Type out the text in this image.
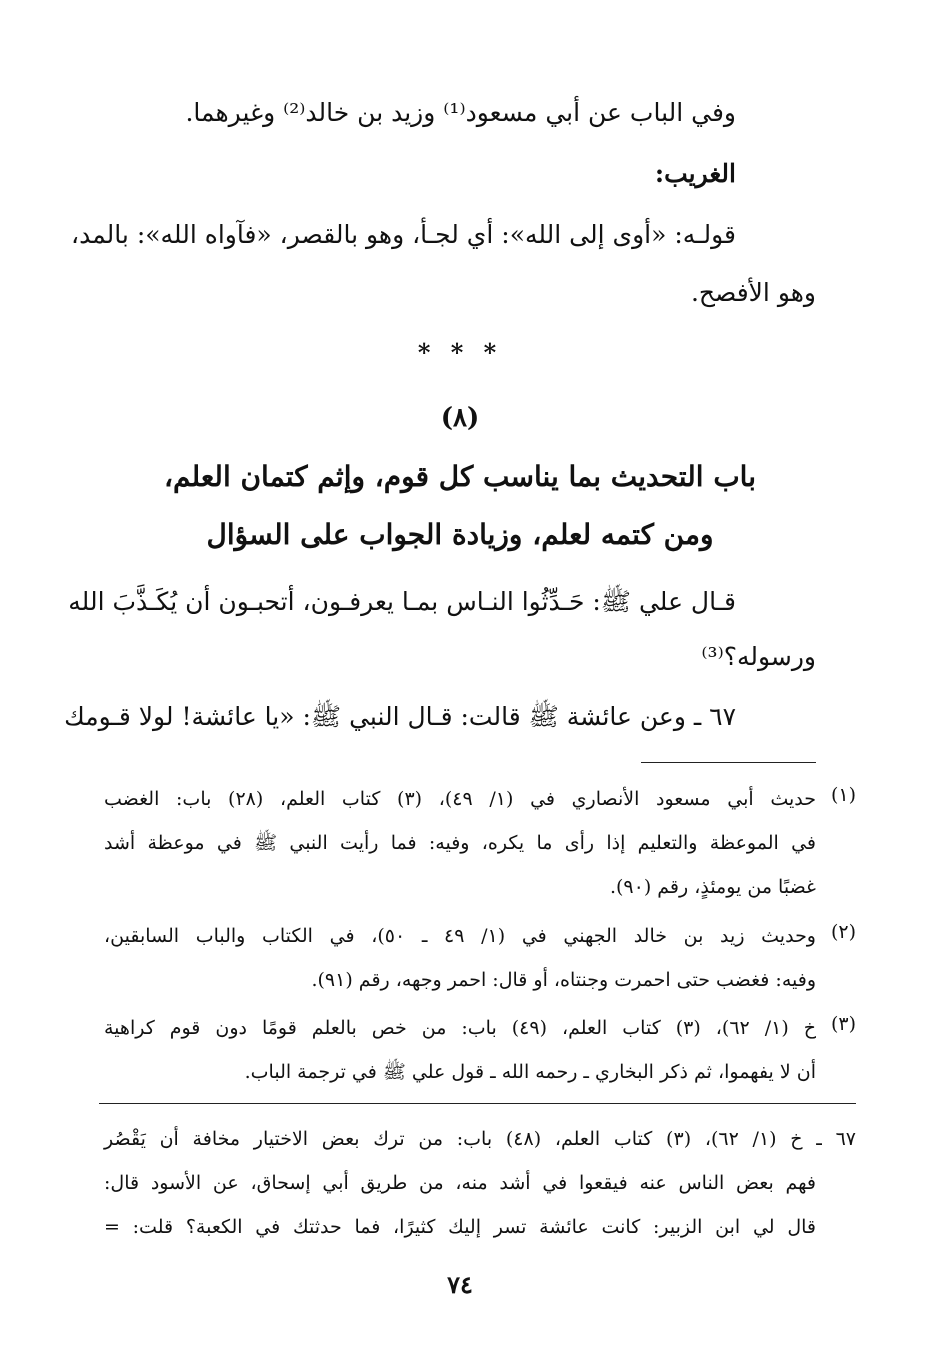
وفي الباب عن أبي مسعود⁽¹⁾ وزيد بن خالد⁽²⁾ وغيرهما.
الغريب:
قولـه: «أوى إلى الله»: أي لجـأ، وهو بالقصر، «فآواه الله»: بالمد،
وهو الأفصح.
* * *
(٨)
باب التحديث بما يناسب كل قوم، وإثم كتمان العلم،
ومن كتمه لعلم، وزيادة الجواب على السؤال
قـال علي ﷺ: حَـدِّثُوا النـاس بمـا يعرفـون، أتحبـون أن يُكَـذَّبَ الله
ورسوله؟⁽³⁾
٦٧ ـ وعن عائشة ﷺ قالت: قـال النبي ﷺ: «يا عائشة! لولا قـومك
(١)
حديث أبي مسعود الأنصاري في (١/ ٤٩)، (٣) كتاب العلم، (٢٨) باب: الغضب
في الموعظة والتعليم إذا رأى ما يكره، وفيه: فما رأيت النبي ﷺ في موعظة أشد
غضبًا من يومئذٍ، رقم (٩٠).
(٢)
وحديث زيد بن خالد الجهني في (١/ ٤٩ ـ ٥٠)، في الكتاب والباب السابقين،
وفيه: فغضب حتى احمرت وجنتاه، أو قال: احمر وجهه، رقم (٩١).
(٣)
خ (١/ ٦٢)، (٣) كتاب العلم، (٤٩) باب: من خص بالعلم قومًا دون قوم كراهية
أن لا يفهموا، ثم ذكر البخاري ـ رحمه الله ـ قول علي ﷺ في ترجمة الباب.
٦٧ ـ خ (١/ ٦٢)، (٣) كتاب العلم، (٤٨) باب: من ترك بعض الاختيار مخافة أن يَقْصُر
فهم بعض الناس عنه فيقعوا في أشد منه، من طريق أبي إسحاق، عن الأسود قال:
قال لي ابن الزبير: كانت عائشة تسر إليك كثيرًا، فما حدثتك في الكعبة؟ قلت: =
٧٤
